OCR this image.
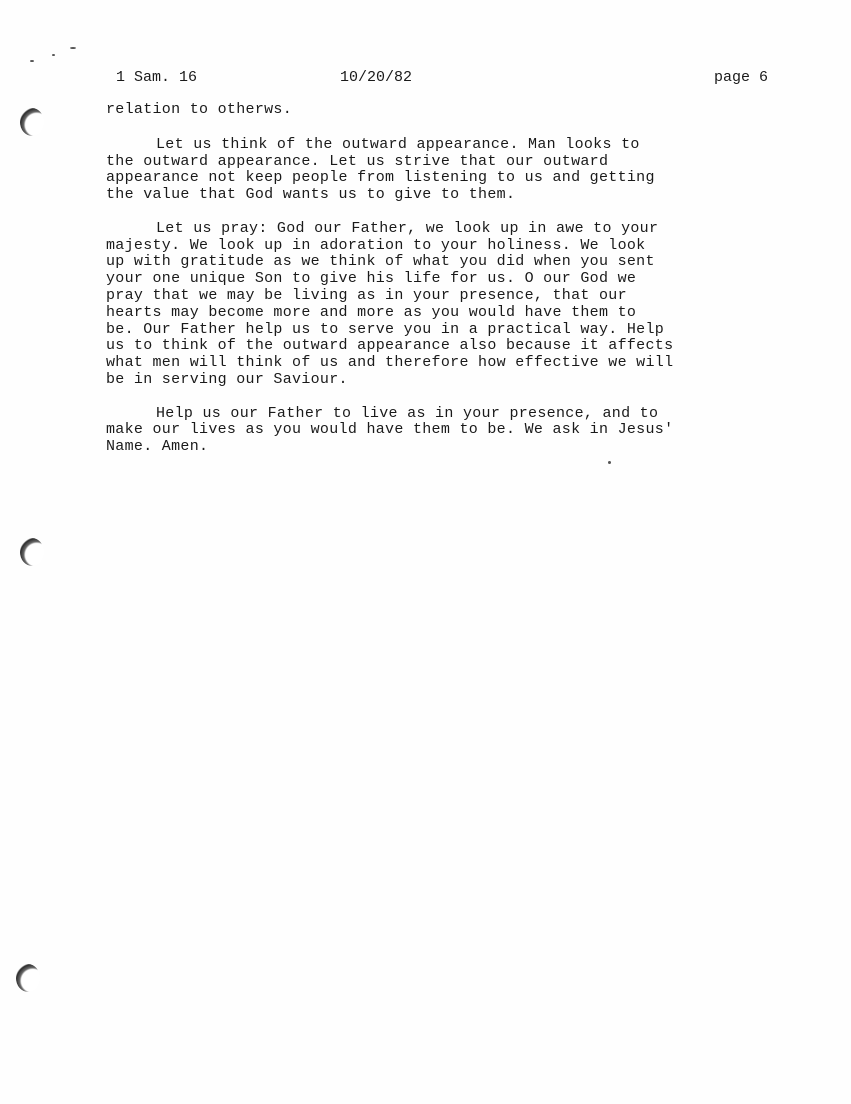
1 Sam. 16	10/20/82	page 6

relation to otherws.

Let us think of the outward appearance. Man looks to
the outward appearance. Let us strive that our outward
appearance not keep people from listening to us and getting
the value that God wants us to give to them.

Let us pray: God our Father, we look up in awe to your
majesty. We look up in adoration to your holiness. We look
up with gratitude as we think of what you did when you sent
your one unique Son to give his life for us. O our God we
pray that we may be living as in your presence, that our
hearts may become more and more as you would have them to
be. Our Father help us to serve you in a practical way. Help
us to think of the outward appearance also because it affects
what men will think of us and therefore how effective we will
be in serving our Saviour.

Help us our Father to live as in your presence, and to
make our lives as you would have them to be. We ask in Jesus'
Name. Amen.
